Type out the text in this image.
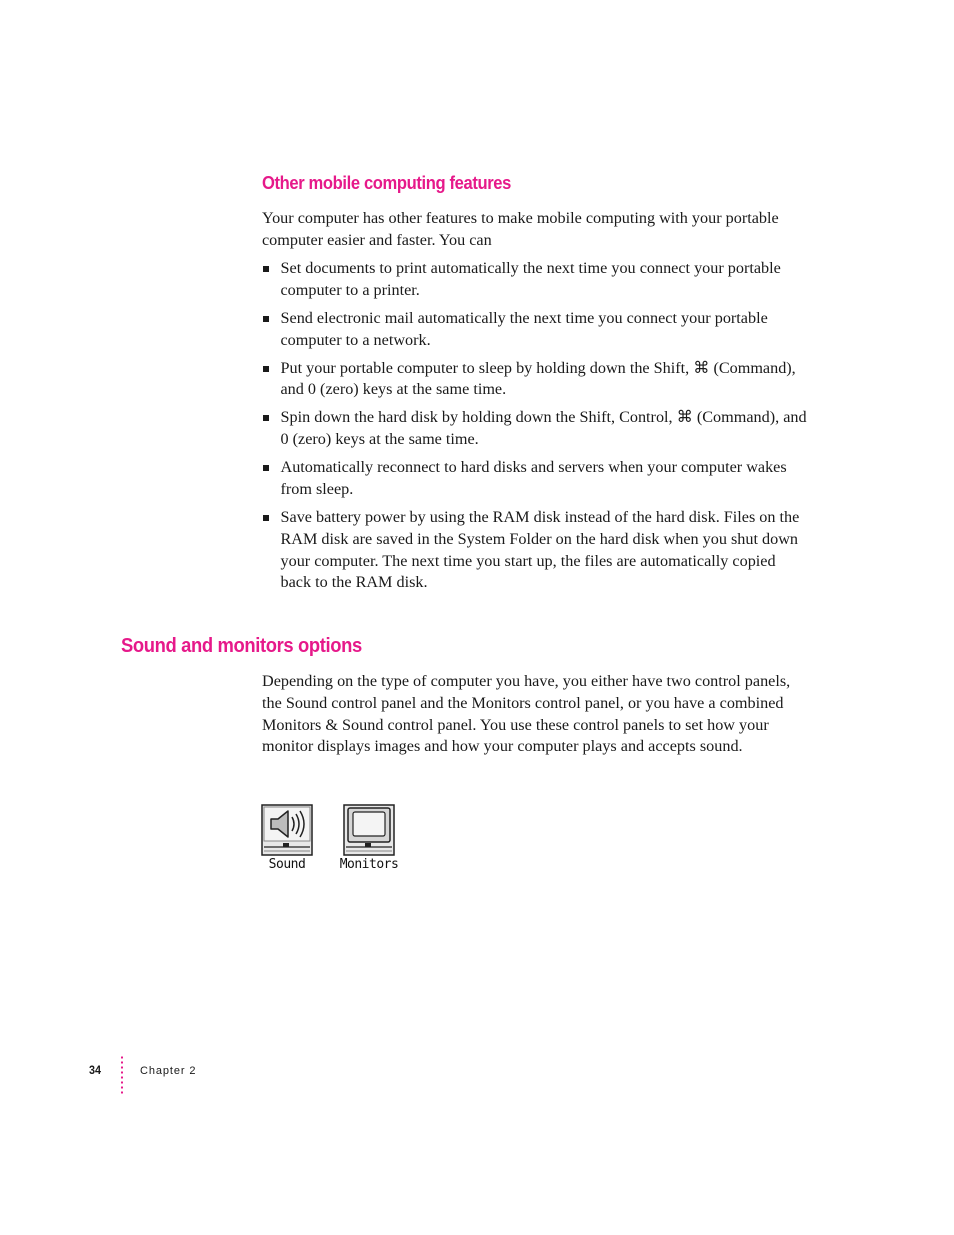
Other mobile computing features

Your computer has other features to make mobile computing with your portable computer easier and faster. You can

Set documents to print automatically the next time you connect your portable computer to a printer.
Send electronic mail automatically the next time you connect your portable computer to a network.
Put your portable computer to sleep by holding down the Shift, ⌘ (Command), and 0 (zero) keys at the same time.
Spin down the hard disk by holding down the Shift, Control, ⌘ (Command), and 0 (zero) keys at the same time.
Automatically reconnect to hard disks and servers when your computer wakes from sleep.
Save battery power by using the RAM disk instead of the hard disk. Files on the RAM disk are saved in the System Folder on the hard disk when you shut down your computer. The next time you start up, the files are automatically copied back to the RAM disk.
Sound and monitors options

Depending on the type of computer you have, you either have two control panels, the Sound control panel and the Monitors control panel, or you have a combined Monitors & Sound control panel. You use these control panels to set how your monitor displays images and how your computer plays and accepts sound.

Sound	Monitors
34	Chapter 2
